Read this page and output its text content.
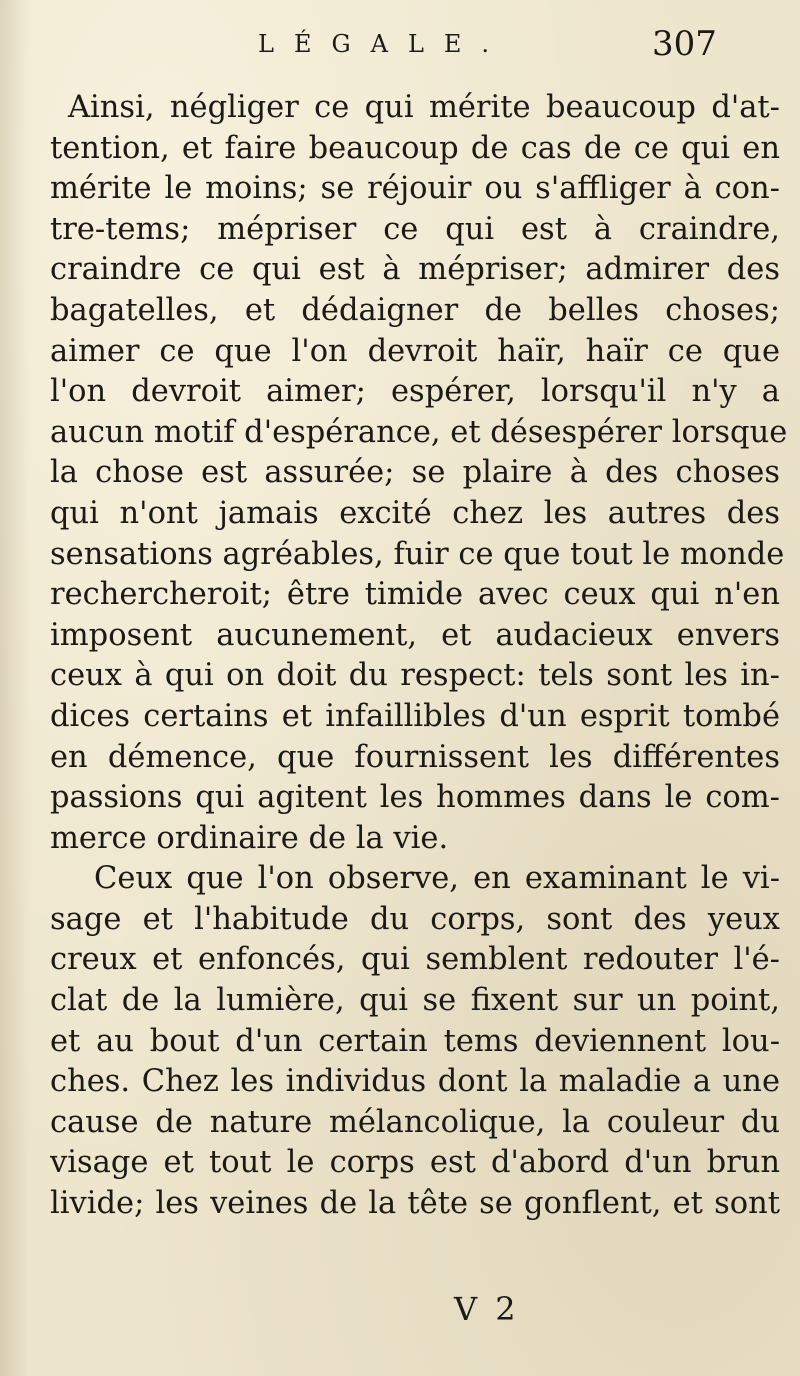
LÉGALE.	307
Ainsi, négliger ce qui mérite beaucoup d'at-
tention, et faire beaucoup de cas de ce qui en
mérite le moins; se réjouir ou s'affliger à con-
tre-tems; mépriser ce qui est à craindre,
craindre ce qui est à mépriser; admirer des
bagatelles, et dédaigner de belles choses;
aimer ce que l'on devroit haïr, haïr ce que
l'on devroit aimer; espérer, lorsqu'il n'y a
aucun motif d'espérance, et désespérer lorsque
la chose est assurée; se plaire à des choses
qui n'ont jamais excité chez les autres des
sensations agréables, fuir ce que tout le monde
rechercheroit; être timide avec ceux qui n'en
imposent aucunement, et audacieux envers
ceux à qui on doit du respect: tels sont les in-
dices certains et infaillibles d'un esprit tombé
en démence, que fournissent les différentes
passions qui agitent les hommes dans le com-
merce ordinaire de la vie.
Ceux que l'on observe, en examinant le vi-
sage et l'habitude du corps, sont des yeux
creux et enfoncés, qui semblent redouter l'é-
clat de la lumière, qui se fixent sur un point,
et au bout d'un certain tems deviennent lou-
ches. Chez les individus dont la maladie a une
cause de nature mélancolique, la couleur du
visage et tout le corps est d'abord d'un brun
livide; les veines de la tête se gonflent, et sont
V 2
